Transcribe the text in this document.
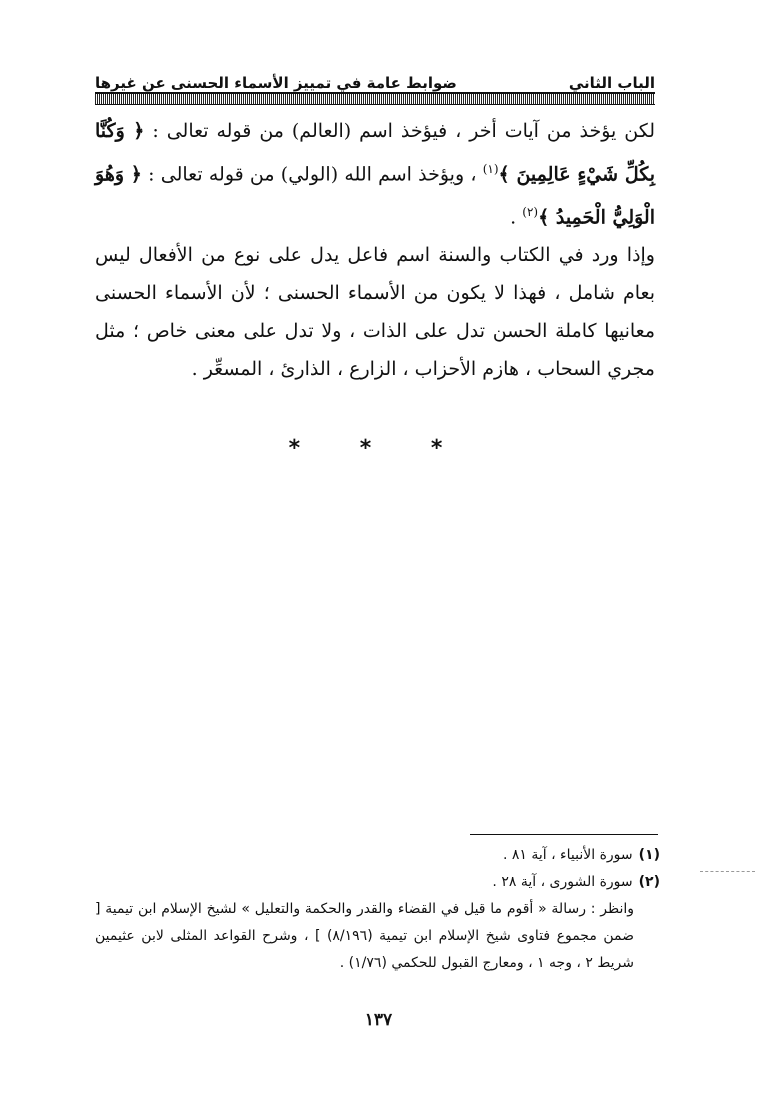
الباب الثاني
ضوابط عامة في تمييز الأسماء الحسنى عن غيرها
لكن يؤخذ من آيات أخر ، فيؤخذ اسم (العالم) من قوله تعالى : ﴿ وَكُنَّا بِكُلِّ شَيْءٍ عَالِمِينَ ﴾$^{(١)}$ ، ويؤخذ اسم الله (الولي) من قوله تعالى : ﴿ وَهُوَ الْوَلِيُّ الْحَمِيدُ ﴾$^{(٢)}$ .
وإذا ورد في الكتاب والسنة اسم فاعل يدل على نوع من الأفعال ليس بعام شامل ، فهذا لا يكون من الأسماء الحسنى ؛ لأن الأسماء الحسنى معانيها كاملة الحسن تدل على الذات ، ولا تدل على معنى خاص ؛ مثل مجري السحاب ، هازم الأحزاب ، الزارع ، الذارئ ، المسعِّر .
* * *
(١)سورة الأنبياء ، آية ٨١ .
(٢)سورة الشورى ، آية ٢٨ .
وانظر : رسالة « أقوم ما قيل في القضاء والقدر والحكمة والتعليل » لشيخ الإسلام ابن تيمية [ ضمن مجموع فتاوى شيخ الإسلام ابن تيمية (٨/١٩٦) ] ، وشرح القواعد المثلى لابن عثيمين شريط ٢ ، وجه ١ ، ومعارج القبول للحكمي (١/٧٦) .
١٣٧
